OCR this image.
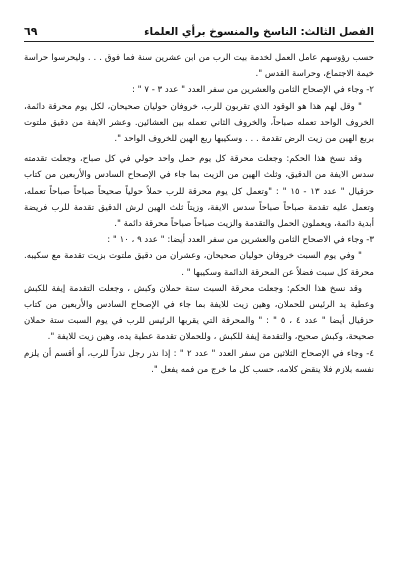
الفصل الثالث: الناسخ والمنسوخ برأي العلماء
٦٩

حسب رؤوسهم عامل العمل لخدمة بيت الرب من ابن عشرين سنة فما فوق . . . وليحرسوا حراسة خيمة الاجتماع، وحراسة القدس ".

٢- وجاء في الإصحاح الثامن والعشرين من سفر العدد " عدد ٣ - ٧ " :

" وقل لهم هذا هو الوقود الذي تقربون للرب، خروفان حوليان صحيحان، لكل يوم محرقة دائمة، الخروف الواحد تعمله صباحاً، والخروف الثاني تعمله بين العشائين. وعشر الايفة من دقيق ملتوت بربع الهين من زيت الرض تقدمة . . . وسكيبها ربع الهين للخروف الواحد ".

وقد نسخ هذا الحكم: وجعلت محرقة كل يوم حمل واحد حولي في كل صباح، وجعلت تقدمته سدس الايفة من الدقيق، وثلث الهين من الزيت بما جاء في الإصحاح السادس والأربعين من كتاب حزقيال " عدد ١٣ - ١٥ " : "وتعمل كل يوم محرقة للرب حملاً حولياً صحيحاً صباحاً صباحاً تعمله، وتعمل عليه تقدمة صباحاً صباحاً سدس الايفة، وزيتاً ثلث الهين لرش الدقيق تقدمة للرب فريضة أبدية دائمة، ويعملون الحمل والتقدمة والزيت صباحاً صباحاً محرقة دائمة ".

٣- وجاء في الاصحاح الثامن والعشرين من سفر العدد أيضا: " عدد ٩ ، ١٠ " :

" وفي يوم السبت خروفان حوليان صحيحان، وعشران من دقيق ملتوت بزيت تقدمة مع سكيبه. محرقة كل سبت فضلاً عن المحرقة الدائمة وسكيبها " .

وقد نسخ هذا الحكم: وجعلت محرقة السبت ستة حملان وكبش ، وجعلت التقدمة إيفة للكبش وعطية يد الرئيس للحملان، وهين زيت للايفة بما جاء في الإصحاح السادس والأربعين من كتاب حزقيال أيضا " عدد ٤ ، ٥ " : " والمحرقة التي يقربها الرئيس للرب في يوم السبت ستة حملان صحيحة، وكبش صحيح، والتقدمة إيفة للكبش ، وللحملان تقدمة عطية يده، وهين زيت للايفة ".

٤- وجاء في الإصحاح الثلاثين من سفر العدد " عدد ٢ " : إذا نذر رجل نذراً للرب، أو أقسم أن يلزم نفسه بلازم فلا ينقض كلامه، حسب كل ما خرج من فمه يفعل ".
